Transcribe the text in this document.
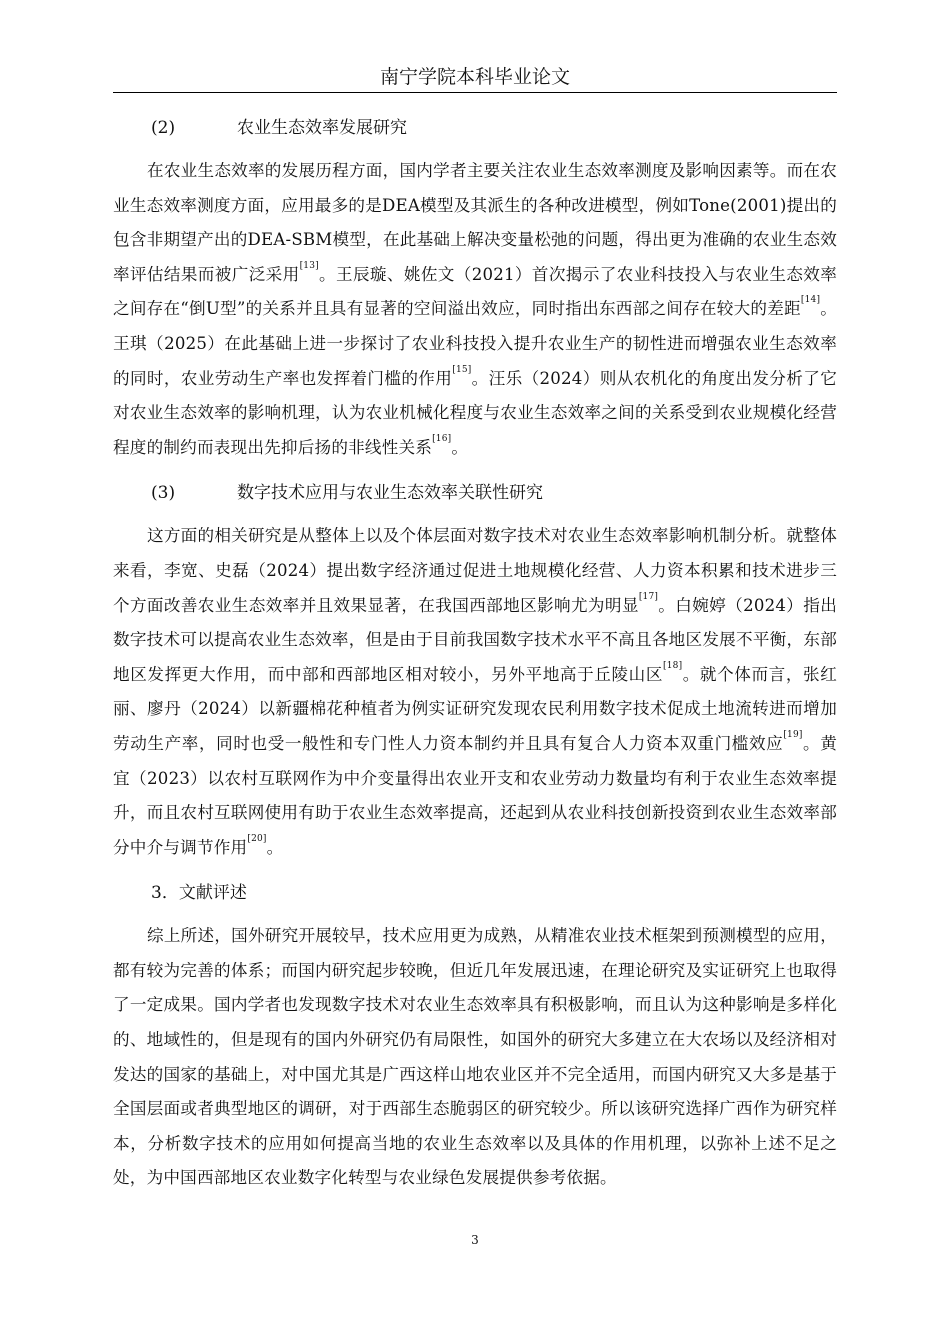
南宁学院本科毕业论文
(2)	农业生态效率发展研究

在农业生态效率的发展历程方面，国内学者主要关注农业生态效率测度及影响因素等。而在农业生态效率测度方面，应用最多的是DEA模型及其派生的各种改进模型，例如Tone(2001)提出的包含非期望产出的DEA-SBM模型，在此基础上解决变量松弛的问题，得出更为准确的农业生态效率评估结果而被广泛采用[13]。王辰璇、姚佐文（2021）首次揭示了农业科技投入与农业生态效率之间存在“倒U型”的关系并且具有显著的空间溢出效应，同时指出东西部之间存在较大的差距[14]。王琪（2025）在此基础上进一步探讨了农业科技投入提升农业生产的韧性进而增强农业生态效率的同时，农业劳动生产率也发挥着门槛的作用[15]。汪乐（2024）则从农机化的角度出发分析了它对农业生态效率的影响机理，认为农业机械化程度与农业生态效率之间的关系受到农业规模化经营程度的制约而表现出先抑后扬的非线性关系[16]。

(3)	数字技术应用与农业生态效率关联性研究

这方面的相关研究是从整体上以及个体层面对数字技术对农业生态效率影响机制分析。就整体来看，李宽、史磊（2024）提出数字经济通过促进土地规模化经营、人力资本积累和技术进步三个方面改善农业生态效率并且效果显著，在我国西部地区影响尤为明显[17]。白婉婷（2024）指出数字技术可以提高农业生态效率，但是由于目前我国数字技术水平不高且各地区发展不平衡，东部地区发挥更大作用，而中部和西部地区相对较小，另外平地高于丘陵山区[18]。就个体而言，张红丽、廖丹（2024）以新疆棉花种植者为例实证研究发现农民利用数字技术促成土地流转进而增加劳动生产率，同时也受一般性和专门性人力资本制约并且具有复合人力资本双重门槛效应[19]。黄宜（2023）以农村互联网作为中介变量得出农业开支和农业劳动力数量均有利于农业生态效率提升，而且农村互联网使用有助于农业生态效率提高，还起到从农业科技创新投资到农业生态效率部分中介与调节作用[20]。

3．文献评述

综上所述，国外研究开展较早，技术应用更为成熟，从精准农业技术框架到预测模型的应用，都有较为完善的体系；而国内研究起步较晚，但近几年发展迅速，在理论研究及实证研究上也取得了一定成果。国内学者也发现数字技术对农业生态效率具有积极影响，而且认为这种影响是多样化的、地域性的，但是现有的国内外研究仍有局限性，如国外的研究大多建立在大农场以及经济相对发达的国家的基础上，对中国尤其是广西这样山地农业区并不完全适用，而国内研究又大多是基于全国层面或者典型地区的调研，对于西部生态脆弱区的研究较少。所以该研究选择广西作为研究样本，分析数字技术的应用如何提高当地的农业生态效率以及具体的作用机理，以弥补上述不足之处，为中国西部地区农业数字化转型与农业绿色发展提供参考依据。

3
